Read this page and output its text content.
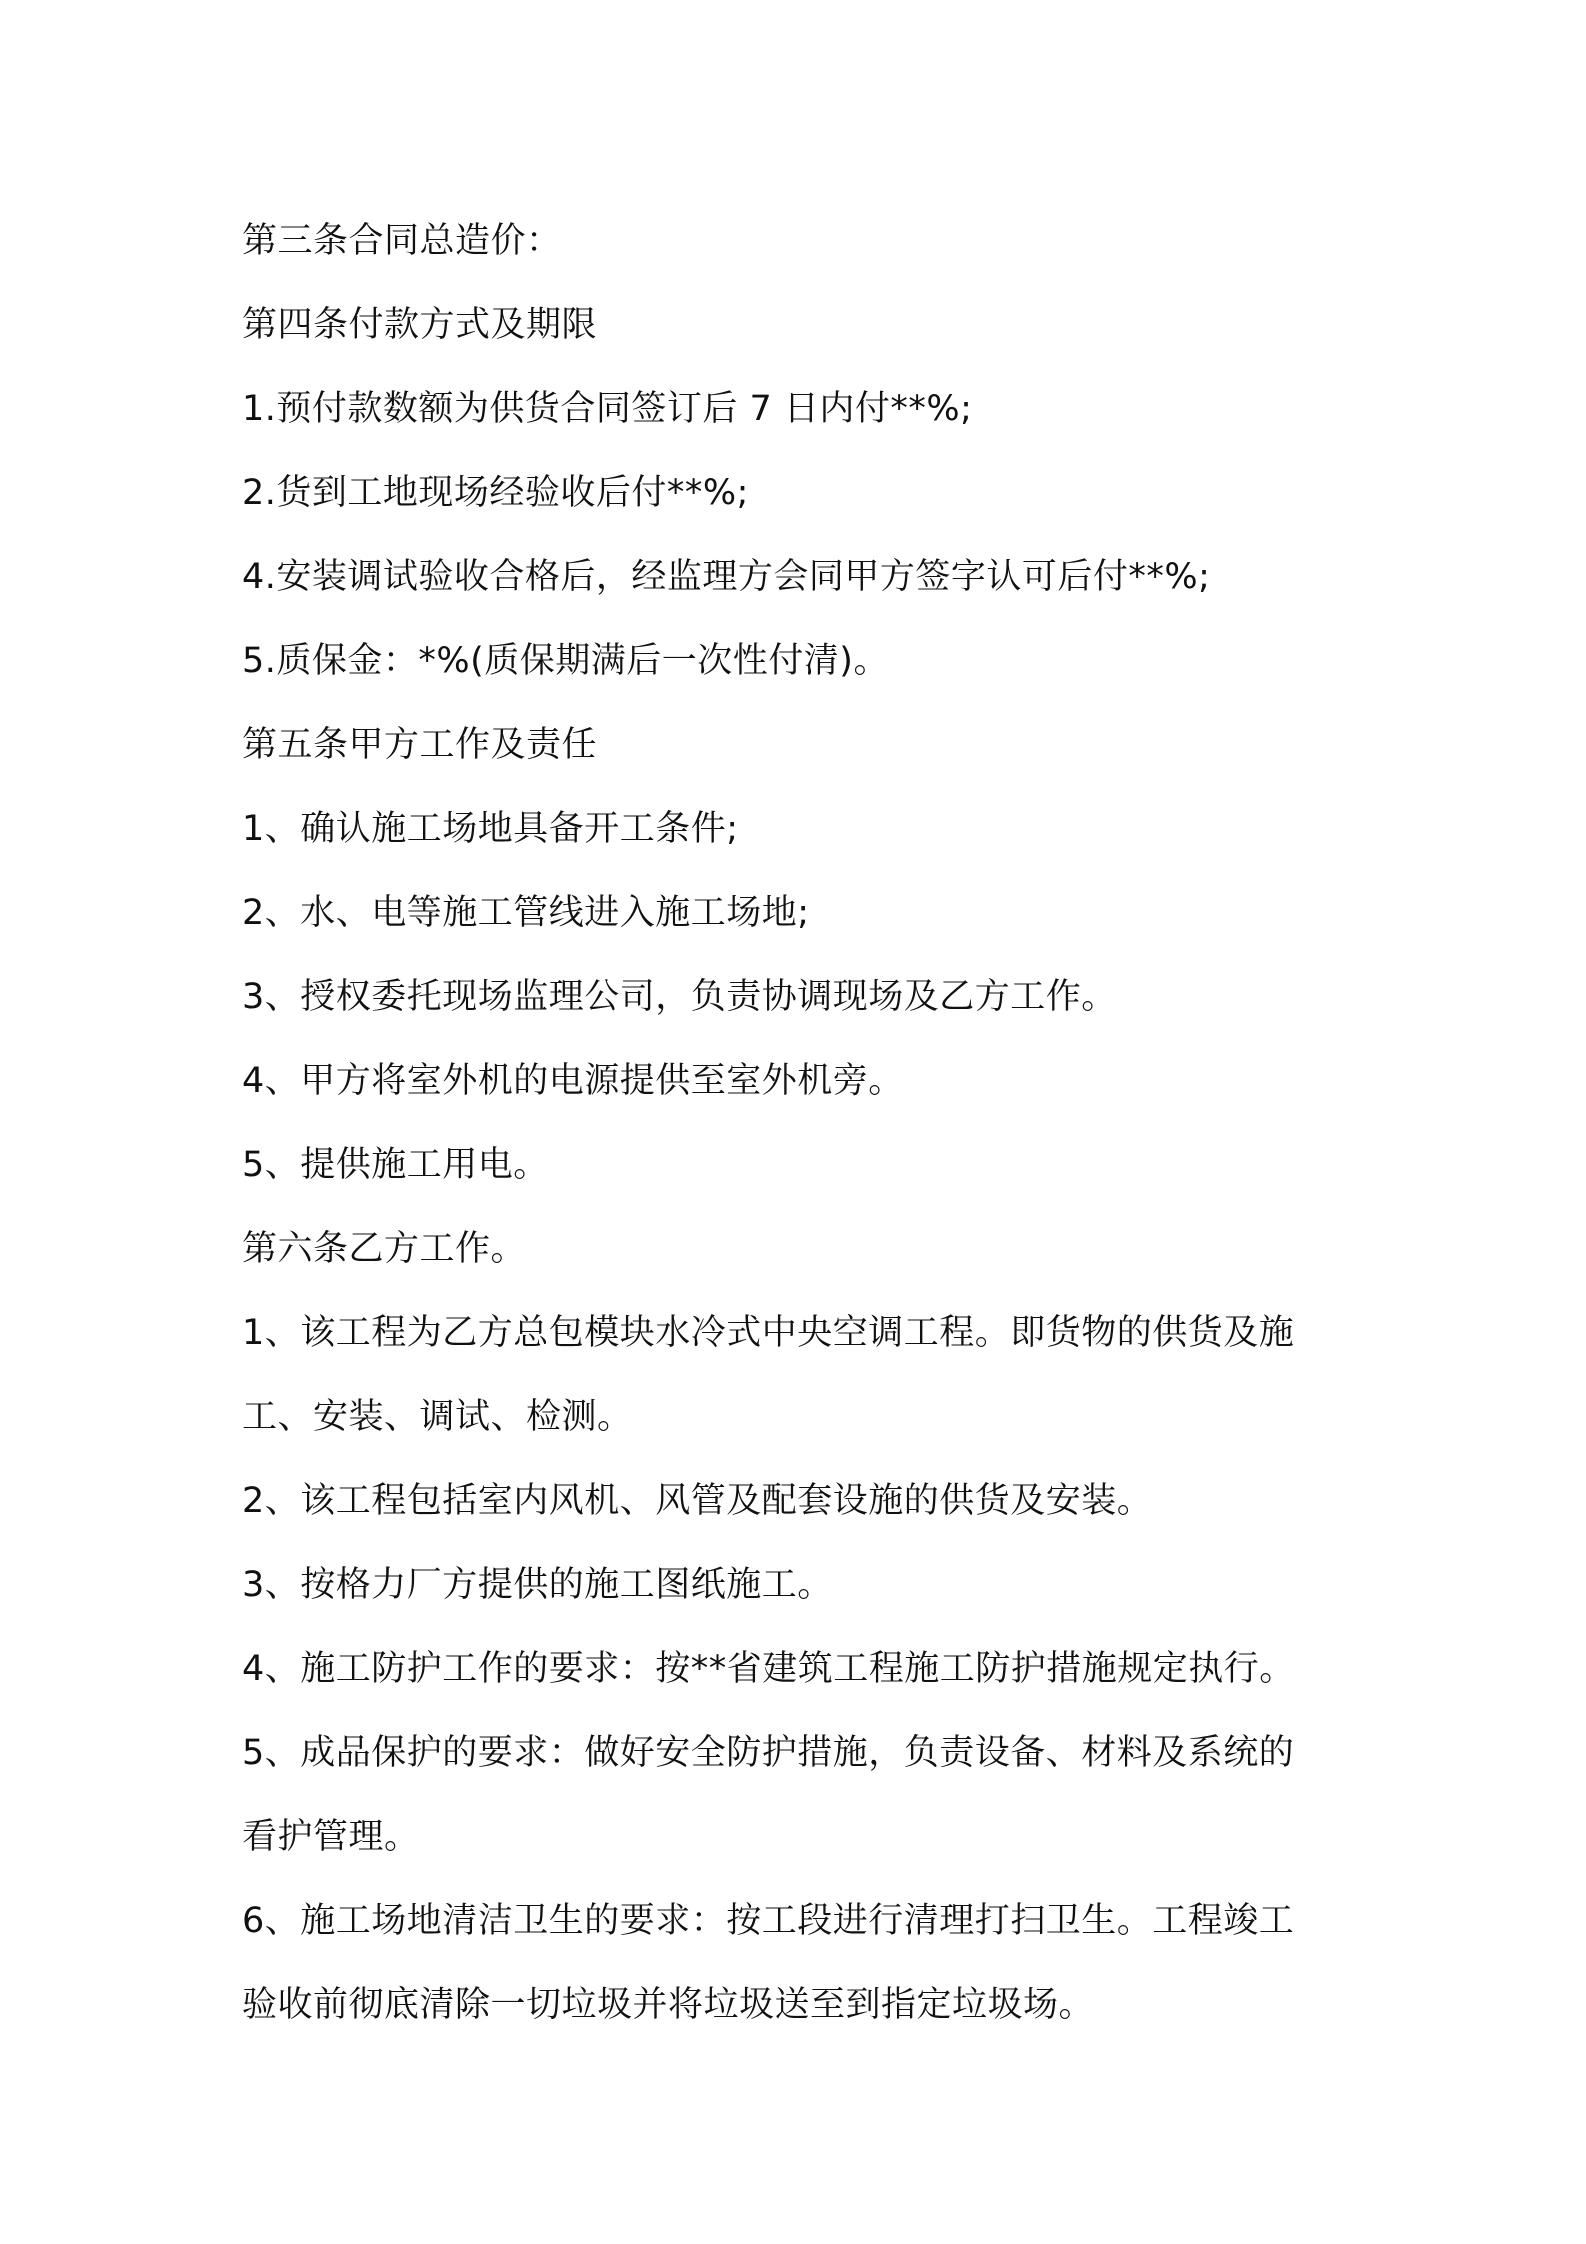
第三条合同总造价：
第四条付款方式及期限
1.预付款数额为供货合同签订后 7 日内付**%;
2.货到工地现场经验收后付**%;
4.安装调试验收合格后，经监理方会同甲方签字认可后付**%;
5.质保金：*%(质保期满后一次性付清)。
第五条甲方工作及责任
1、确认施工场地具备开工条件;
2、水、电等施工管线进入施工场地;
3、授权委托现场监理公司，负责协调现场及乙方工作。
4、甲方将室外机的电源提供至室外机旁。
5、提供施工用电。
第六条乙方工作。
1、该工程为乙方总包模块水冷式中央空调工程。即货物的供货及施
工、安装、调试、检测。
2、该工程包括室内风机、风管及配套设施的供货及安装。
3、按格力厂方提供的施工图纸施工。
4、施工防护工作的要求：按**省建筑工程施工防护措施规定执行。
5、成品保护的要求：做好安全防护措施，负责设备、材料及系统的
看护管理。
6、施工场地清洁卫生的要求：按工段进行清理打扫卫生。工程竣工
验收前彻底清除一切垃圾并将垃圾送至到指定垃圾场。
